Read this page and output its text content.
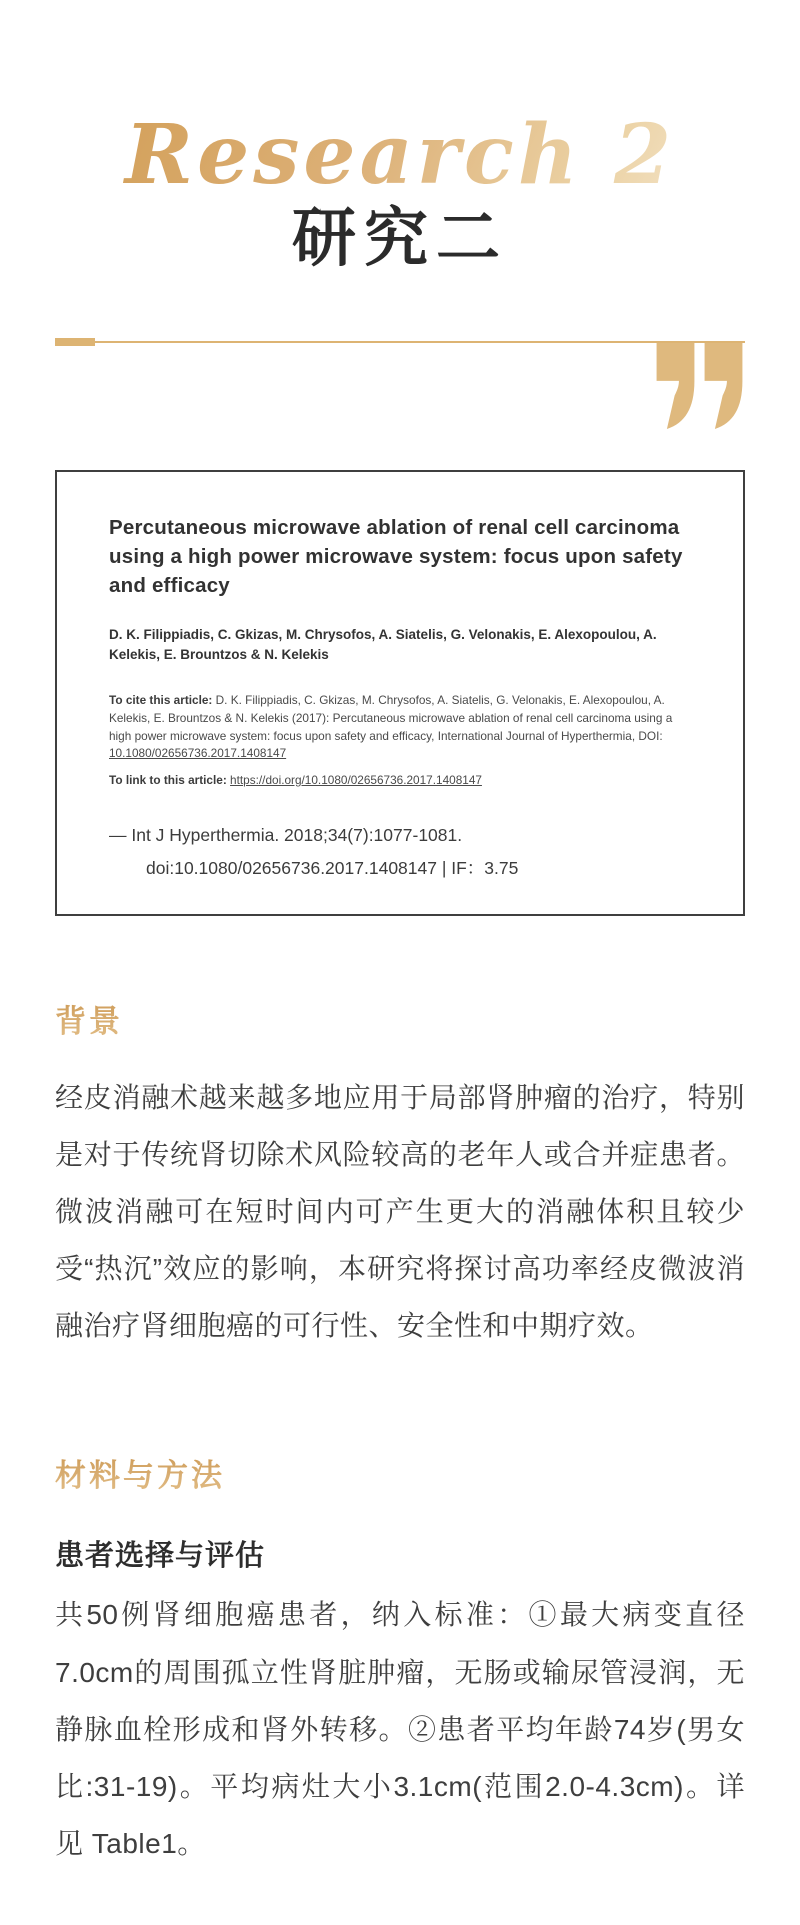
Research 2
研究二
Percutaneous microwave ablation of renal cell carcinoma using a high power microwave system: focus upon safety and efficacy
D. K. Filippiadis, C. Gkizas, M. Chrysofos, A. Siatelis, G. Velonakis, E. Alexopoulou, A. Kelekis, E. Brountzos & N. Kelekis
To cite this article: D. K. Filippiadis, C. Gkizas, M. Chrysofos, A. Siatelis, G. Velonakis, E. Alexopoulou, A. Kelekis, E. Brountzos & N. Kelekis (2017): Percutaneous microwave ablation of renal cell carcinoma using a high power microwave system: focus upon safety and efficacy, International Journal of Hyperthermia, DOI: 10.1080/02656736.2017.1408147
To link to this article: https://doi.org/10.1080/02656736.2017.1408147
— Int J Hyperthermia. 2018;34(7):1077-1081.
doi:10.1080/02656736.2017.1408147 | IF：3.75
背景
经皮消融术越来越多地应用于局部肾肿瘤的治疗，特别是对于传统肾切除术风险较高的老年人或合并症患者。微波消融可在短时间内可产生更大的消融体积且较少受“热沉”效应的影响，本研究将探讨高功率经皮微波消融治疗肾细胞癌的可行性、安全性和中期疗效。
材料与方法
患者选择与评估
共50例肾细胞癌患者，纳入标准：①最大病变直径7.0cm的周围孤立性肾脏肿瘤，无肠或输尿管浸润，无静脉血栓形成和肾外转移。②患者平均年龄74岁(男女比:31-19)。平均病灶大小3.1cm(范围2.0-4.3cm)。详见 Table1。
